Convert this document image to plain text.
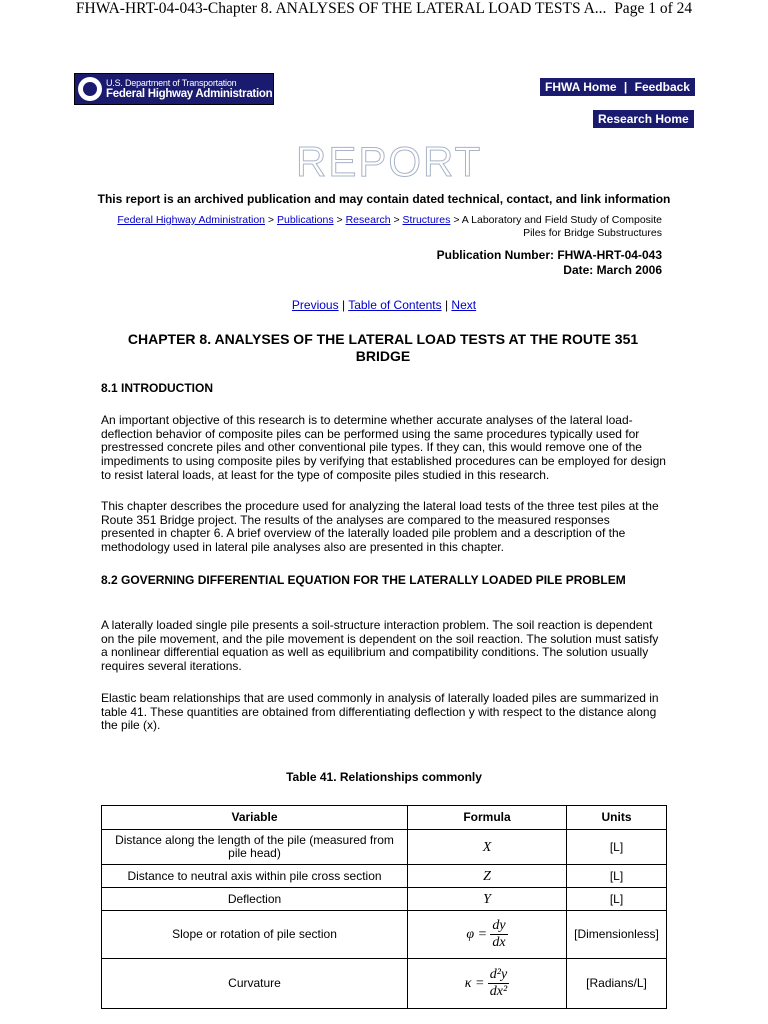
FHWA-HRT-04-043-Chapter 8. ANALYSES OF THE LATERAL LOAD TESTS A... Page 1 of 24
U.S. Department of Transportation
Federal Highway Administration	FHWA Home | Feedback
Research Home
REPORT
This report is an archived publication and may contain dated technical, contact, and link information
Federal Highway Administration > Publications > Research > Structures > A Laboratory and Field Study of Composite Piles for Bridge Substructures
Publication Number: FHWA-HRT-04-043
Date: March 2006
Previous | Table of Contents | Next
CHAPTER 8. ANALYSES OF THE LATERAL LOAD TESTS AT THE ROUTE 351 BRIDGE
8.1 INTRODUCTION
An important objective of this research is to determine whether accurate analyses of the lateral load-deflection behavior of composite piles can be performed using the same procedures typically used for prestressed concrete piles and other conventional pile types. If they can, this would remove one of the impediments to using composite piles by verifying that established procedures can be employed for design to resist lateral loads, at least for the type of composite piles studied in this research.
This chapter describes the procedure used for analyzing the lateral load tests of the three test piles at the Route 351 Bridge project. The results of the analyses are compared to the measured responses presented in chapter 6. A brief overview of the laterally loaded pile problem and a description of the methodology used in lateral pile analyses also are presented in this chapter.
8.2 GOVERNING DIFFERENTIAL EQUATION FOR THE LATERALLY LOADED PILE PROBLEM
A laterally loaded single pile presents a soil-structure interaction problem. The soil reaction is dependent on the pile movement, and the pile movement is dependent on the soil reaction. The solution must satisfy a nonlinear differential equation as well as equilibrium and compatibility conditions. The solution usually requires several iterations.
Elastic beam relationships that are used commonly in analysis of laterally loaded piles are summarized in table 41. These quantities are obtained from differentiating deflection y with respect to the distance along the pile (x).
Table 41. Relationships commonly
Variable	Formula	Units
Distance along the length of the pile (measured from pile head)	X	[L]
Distance to neutral axis within pile cross section	Z	[L]
Deflection	Y	[L]
Slope or rotation of pile section	$\varphi = \frac{dy}{dx}$	[Dimensionless]
Curvature	$\kappa = \frac{\text{d²y}}{\text{dx²}}$	[Radians/L]
